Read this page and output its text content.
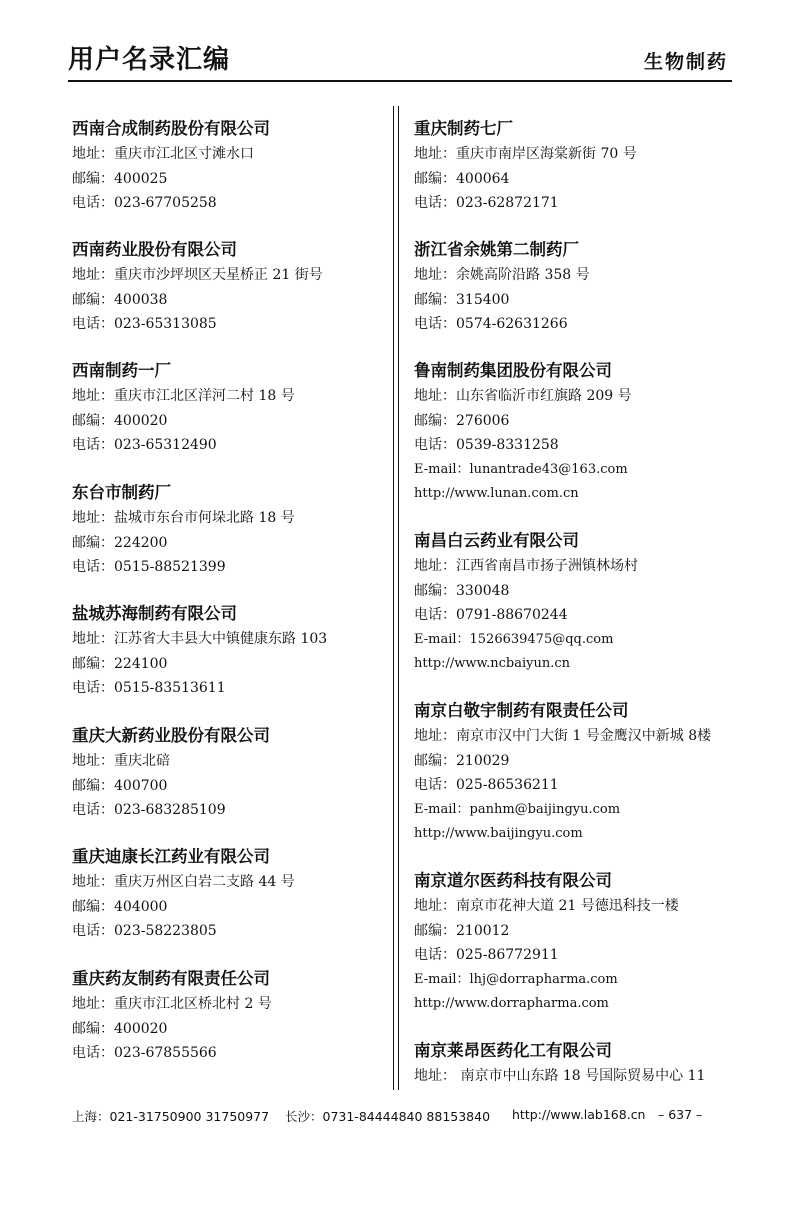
用户名录汇编	生物制药
西南合成制药股份有限公司
地址：重庆市江北区寸滩水口
邮编：400025
电话：023-67705258
西南药业股份有限公司
地址：重庆市沙坪坝区天星桥正 21 街号
邮编：400038
电话：023-65313085
西南制药一厂
地址：重庆市江北区洋河二村 18 号
邮编：400020
电话：023-65312490
东台市制药厂
地址：盐城市东台市何垛北路 18 号
邮编：224200
电话：0515-88521399
盐城苏海制药有限公司
地址：江苏省大丰县大中镇健康东路 103
邮编：224100
电话：0515-83513611
重庆大新药业股份有限公司
地址：重庆北碚
邮编：400700
电话：023-683285109
重庆迪康长江药业有限公司
地址：重庆万州区白岩二支路 44 号
邮编：404000
电话：023-58223805
重庆药友制药有限责任公司
地址：重庆市江北区桥北村 2 号
邮编：400020
电话：023-67855566
重庆制药七厂
地址：重庆市南岸区海棠新街 70 号
邮编：400064
电话：023-62872171
浙江省余姚第二制药厂
地址：余姚高阶沿路 358 号
邮编：315400
电话：0574-62631266
鲁南制药集团股份有限公司
地址：山东省临沂市红旗路 209 号
邮编：276006
电话：0539-8331258
E-mail：lunantrade43@163.com
http://www.lunan.com.cn
南昌白云药业有限公司
地址：江西省南昌市扬子洲镇林场村
邮编：330048
电话：0791-88670244
E-mail：1526639475@qq.com
http://www.ncbaiyun.cn
南京白敬宇制药有限责任公司
地址：南京市汉中门大街 1 号金鹰汉中新城 8楼
邮编：210029
电话：025-86536211
E-mail：panhm@baijingyu.com
http://www.baijingyu.com
南京道尔医药科技有限公司
地址：南京市花神大道 21 号德迅科技一楼
邮编：210012
电话：025-86772911
E-mail：lhj@dorrapharma.com
http://www.dorrapharma.com
南京莱昂医药化工有限公司
地址： 南京市中山东路 18 号国际贸易中心 11
上海：021-31750900 31750977 长沙：0731-84444840 88153840 http://www.lab168.cn – 637 –
